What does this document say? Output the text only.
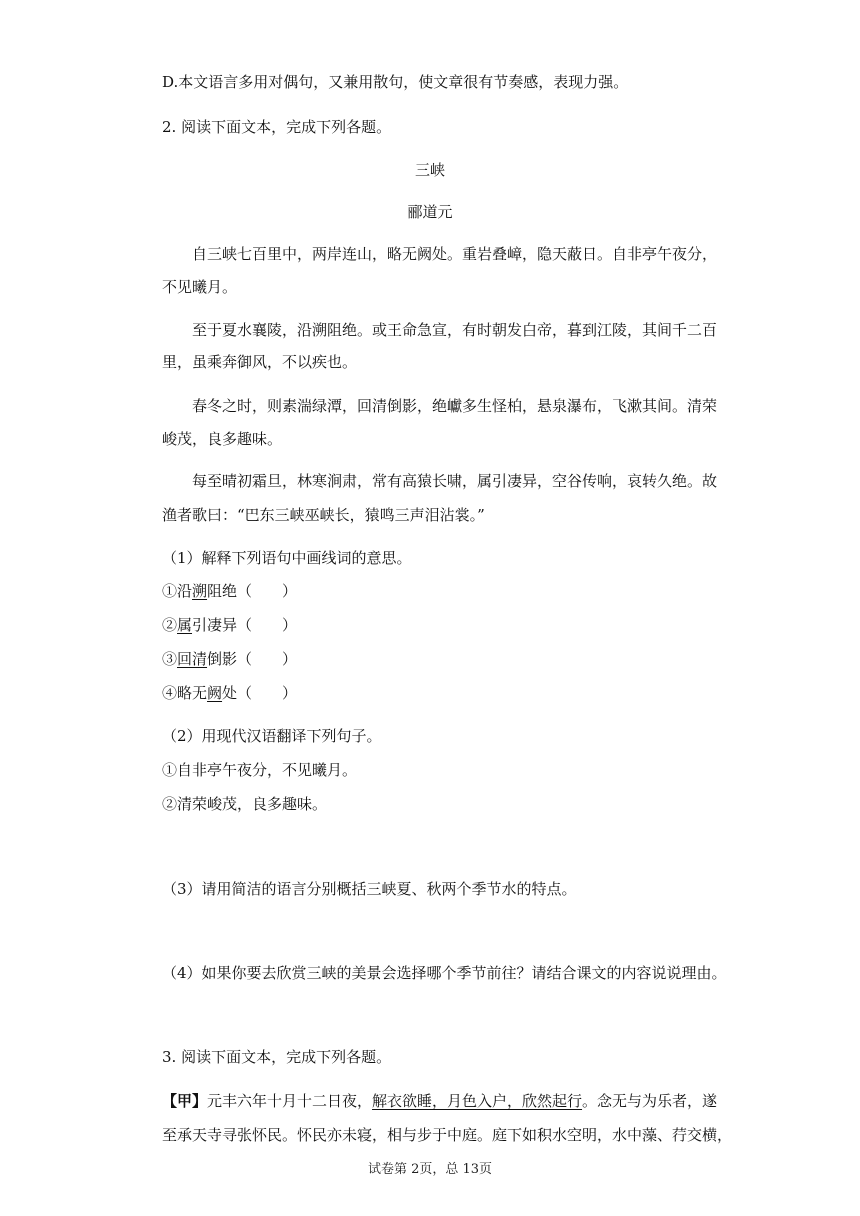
D.本文语言多用对偶句，又兼用散句，使文章很有节奏感，表现力强。
2. 阅读下面文本，完成下列各题。
三峡
郦道元
自三峡七百里中，两岸连山，略无阙处。重岩叠嶂，隐天蔽日。自非亭午夜分，
不见曦月。
至于夏水襄陵，沿溯阻绝。或王命急宣，有时朝发白帝，暮到江陵，其间千二百
里，虽乘奔御风，不以疾也。
春冬之时，则素湍绿潭，回清倒影，绝巘多生怪柏，悬泉瀑布，飞漱其间。清荣
峻茂，良多趣味。
每至晴初霜旦，林寒涧肃，常有高猿长啸，属引凄异，空谷传响，哀转久绝。故
渔者歌曰：“巴东三峡巫峡长，猿鸣三声泪沾裳。”
（1）解释下列语句中画线词的意思。
①沿溯阻绝（　　）
②属引凄异（　　）
③回清倒影（　　）
④略无阙处（　　）
（2）用现代汉语翻译下列句子。
①自非亭午夜分，不见曦月。
②清荣峻茂，良多趣味。
（3）请用简洁的语言分别概括三峡夏、秋两个季节水的特点。
（4）如果你要去欣赏三峡的美景会选择哪个季节前往？请结合课文的内容说说理由。
3. 阅读下面文本，完成下列各题。
【甲】元丰六年十月十二日夜，解衣欲睡，月色入户，欣然起行。念无与为乐者，遂
至承天寺寻张怀民。怀民亦未寝，相与步于中庭。庭下如积水空明，水中藻、荇交横，
试卷第 2页，总 13页
